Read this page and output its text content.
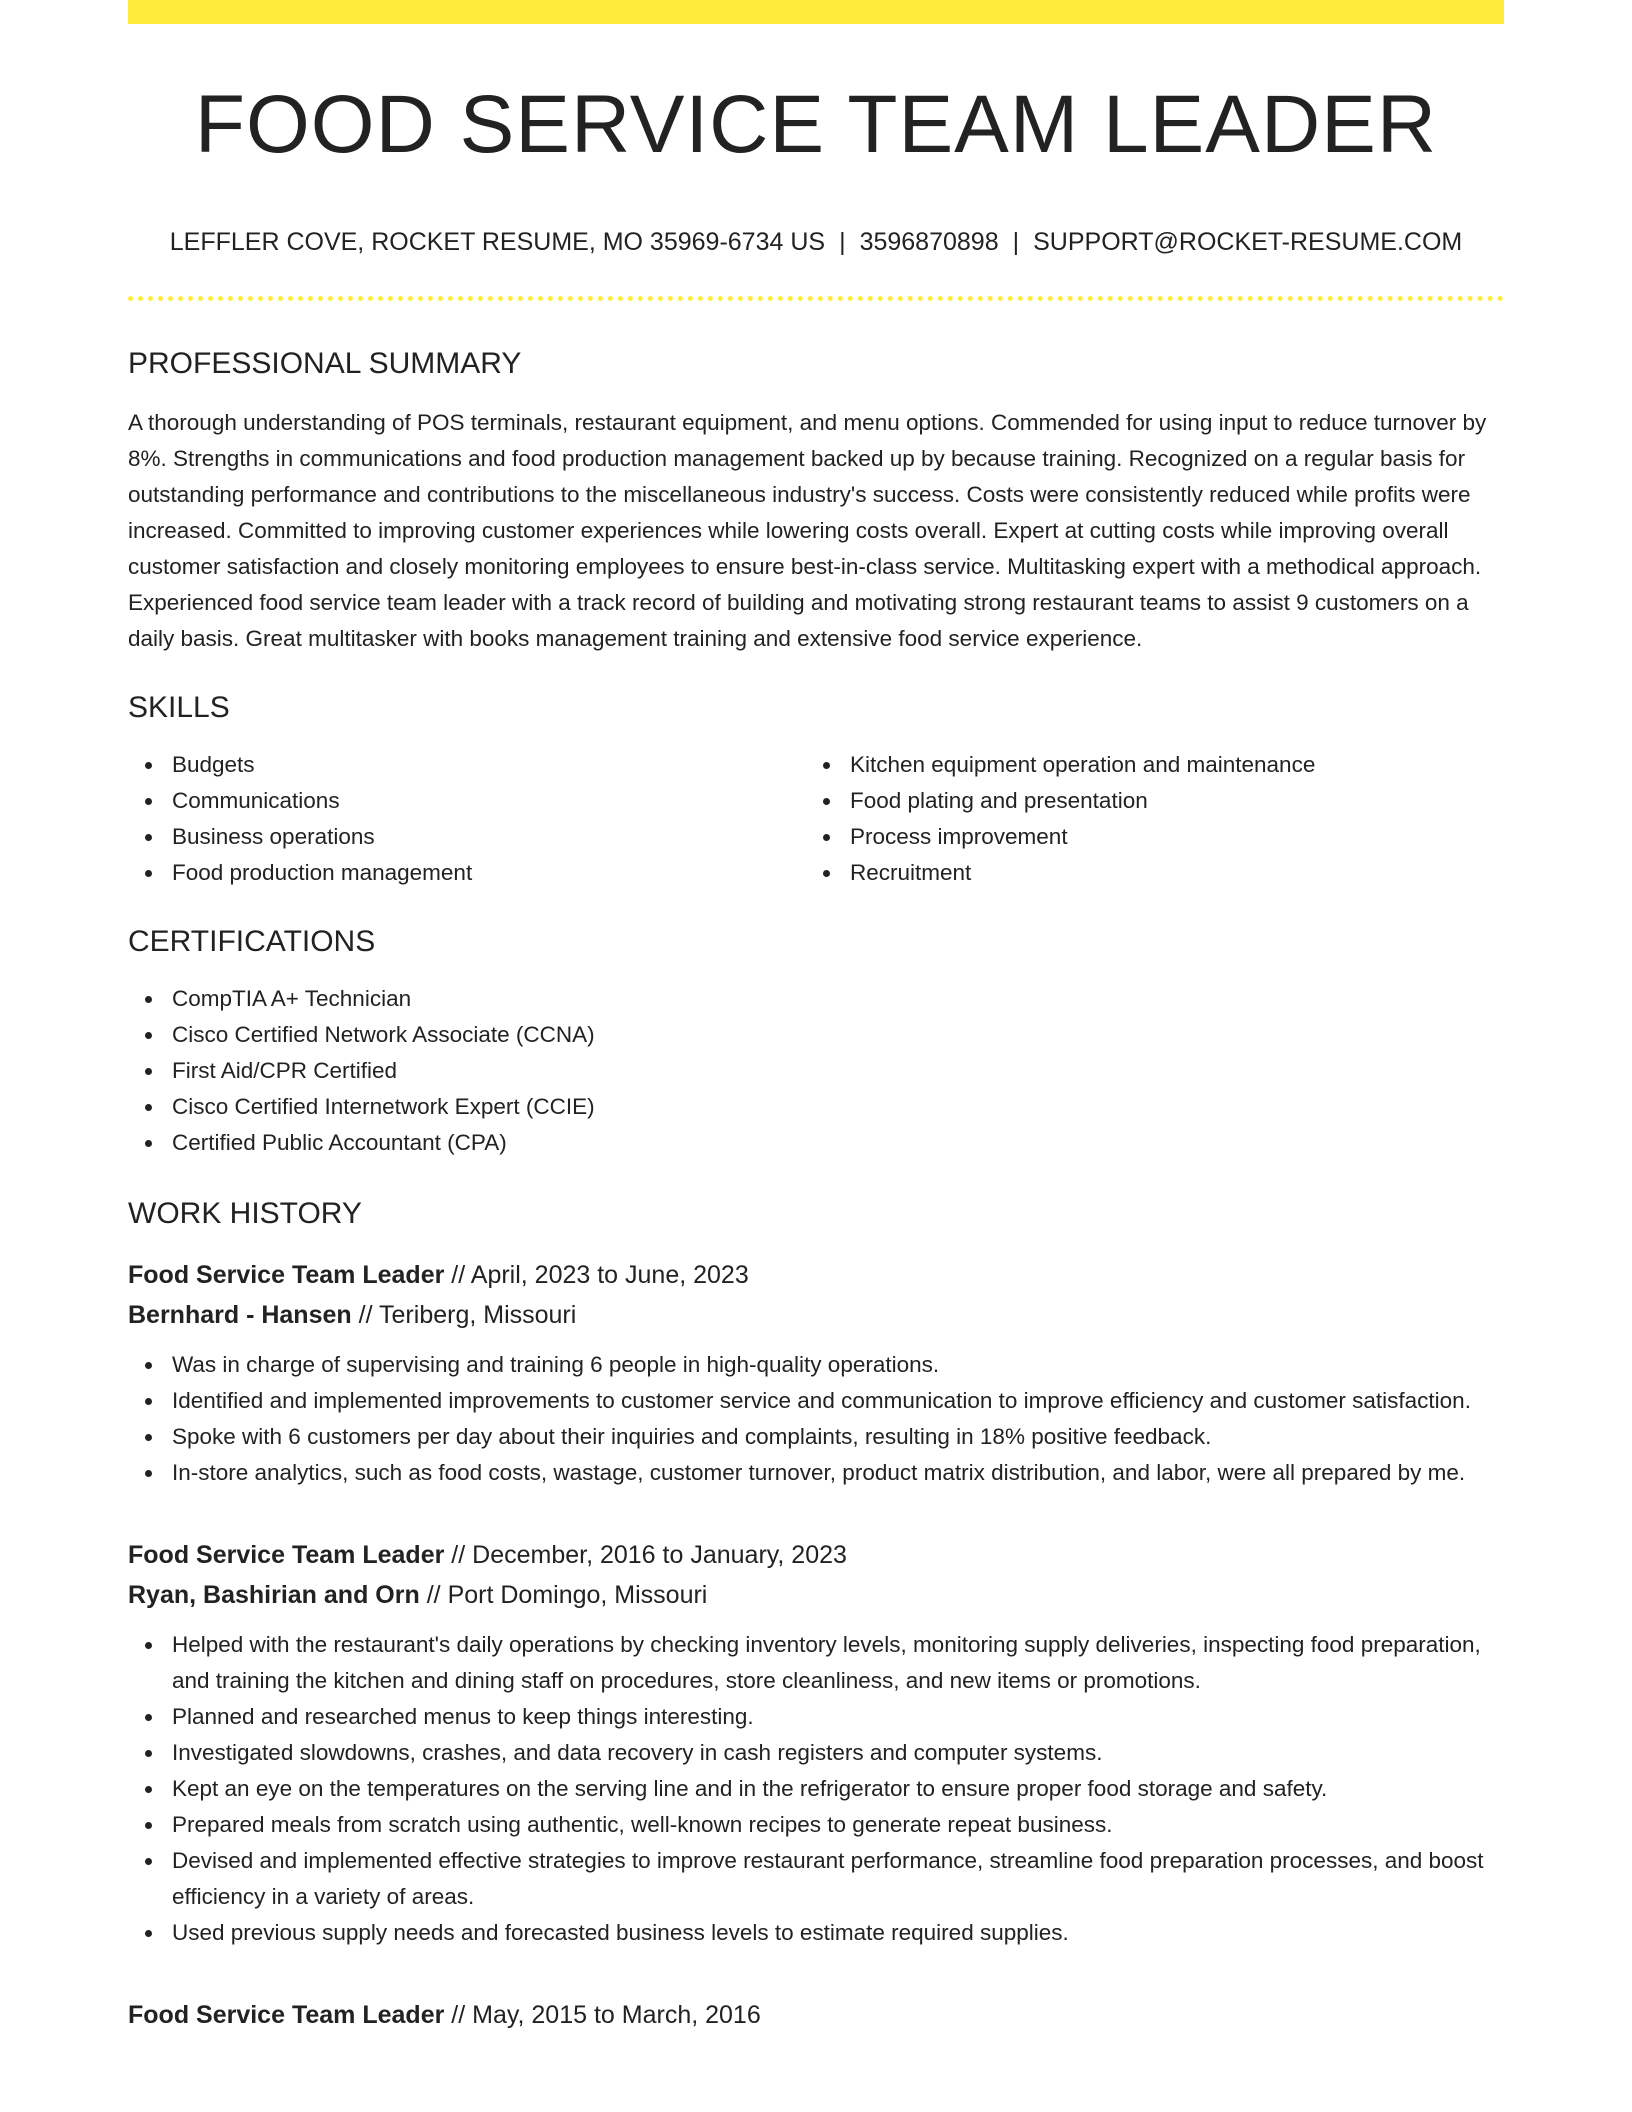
FOOD SERVICE TEAM LEADER
LEFFLER COVE, ROCKET RESUME, MO 35969-6734 US | 3596870898 | SUPPORT@ROCKET-RESUME.COM
PROFESSIONAL SUMMARY
A thorough understanding of POS terminals, restaurant equipment, and menu options. Commended for using input to reduce turnover by 8%. Strengths in communications and food production management backed up by because training. Recognized on a regular basis for outstanding performance and contributions to the miscellaneous industry's success. Costs were consistently reduced while profits were increased. Committed to improving customer experiences while lowering costs overall. Expert at cutting costs while improving overall customer satisfaction and closely monitoring employees to ensure best-in-class service. Multitasking expert with a methodical approach. Experienced food service team leader with a track record of building and motivating strong restaurant teams to assist 9 customers on a daily basis. Great multitasker with books management training and extensive food service experience.
SKILLS
Budgets
Communications
Business operations
Food production management
Kitchen equipment operation and maintenance
Food plating and presentation
Process improvement
Recruitment
CERTIFICATIONS
CompTIA A+ Technician
Cisco Certified Network Associate (CCNA)
First Aid/CPR Certified
Cisco Certified Internetwork Expert (CCIE)
Certified Public Accountant (CPA)
WORK HISTORY
Food Service Team Leader // April, 2023 to June, 2023
Bernhard - Hansen // Teriberg, Missouri
Was in charge of supervising and training 6 people in high-quality operations.
Identified and implemented improvements to customer service and communication to improve efficiency and customer satisfaction.
Spoke with 6 customers per day about their inquiries and complaints, resulting in 18% positive feedback.
In-store analytics, such as food costs, wastage, customer turnover, product matrix distribution, and labor, were all prepared by me.
Food Service Team Leader // December, 2016 to January, 2023
Ryan, Bashirian and Orn // Port Domingo, Missouri
Helped with the restaurant's daily operations by checking inventory levels, monitoring supply deliveries, inspecting food preparation, and training the kitchen and dining staff on procedures, store cleanliness, and new items or promotions.
Planned and researched menus to keep things interesting.
Investigated slowdowns, crashes, and data recovery in cash registers and computer systems.
Kept an eye on the temperatures on the serving line and in the refrigerator to ensure proper food storage and safety.
Prepared meals from scratch using authentic, well-known recipes to generate repeat business.
Devised and implemented effective strategies to improve restaurant performance, streamline food preparation processes, and boost efficiency in a variety of areas.
Used previous supply needs and forecasted business levels to estimate required supplies.
Food Service Team Leader // May, 2015 to March, 2016
